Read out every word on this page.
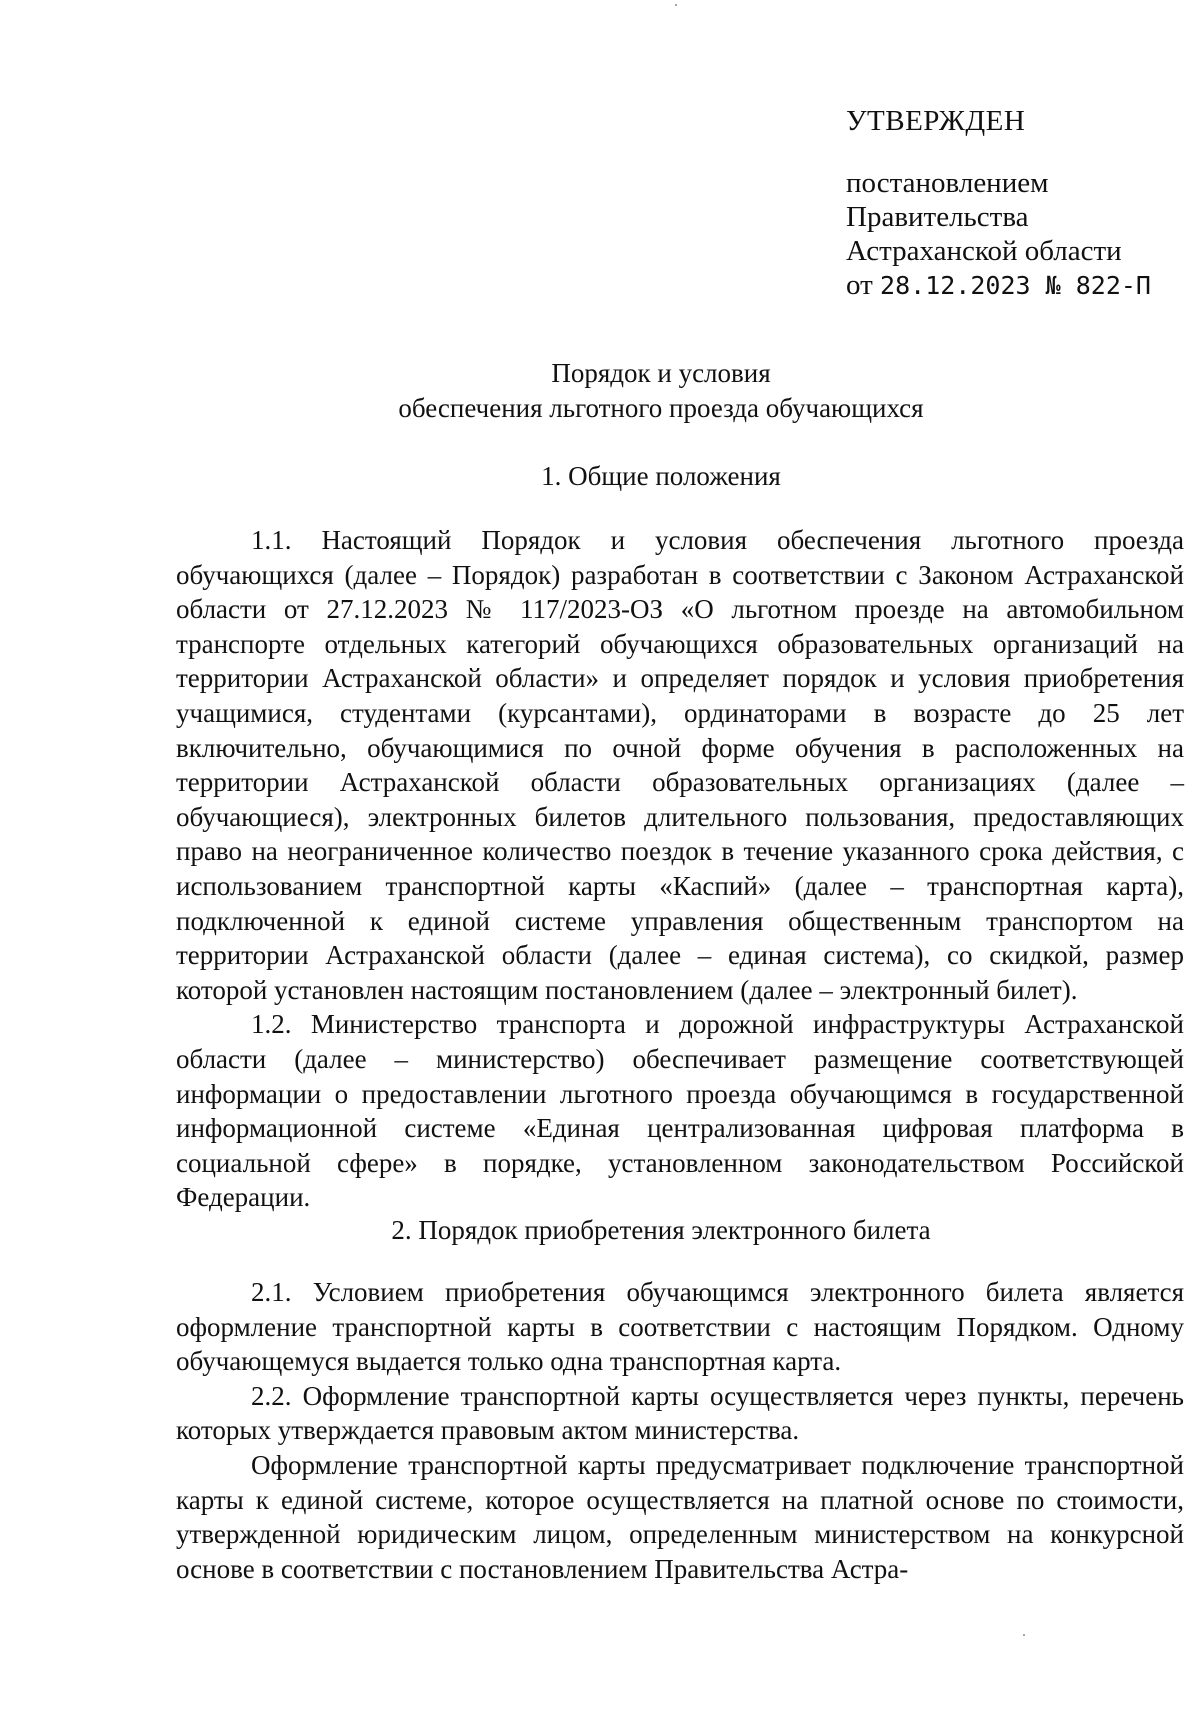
УТВЕРЖДЕН
постановлением
Правительства
Астраханской области
от 28.12.2023 № 822-П
Порядок и условия
обеспечения льготного проезда обучающихся
1. Общие положения

1.1. Настоящий Порядок и условия обеспечения льготного проезда обучающихся (далее – Порядок) разработан в соответствии с Законом Астраханской области от 27.12.2023 № 117/2023-ОЗ «О льготном проезде на автомобильном транспорте отдельных категорий обучающихся образовательных организаций на территории Астраханской области» и определяет порядок и условия приобретения учащимися, студентами (курсантами), ординаторами в возрасте до 25 лет включительно, обучающимися по очной форме обучения в расположенных на территории Астраханской области образовательных организациях (далее – обучающиеся), электронных билетов длительного пользования, предоставляющих право на неограниченное количество поездок в течение указанного срока действия, с использованием транспортной карты «Каспий» (далее – транспортная карта), подключенной к единой системе управления общественным транспортом на территории Астраханской области (далее – единая система), со скидкой, размер которой установлен настоящим постановлением (далее – электронный билет).

1.2. Министерство транспорта и дорожной инфраструктуры Астраханской области (далее – министерство) обеспечивает размещение соответствующей информации о предоставлении льготного проезда обучающимся в государственной информационной системе «Единая централизованная цифровая платформа в социальной сфере» в порядке, установленном законодательством Российской Федерации.

2. Порядок приобретения электронного билета

2.1. Условием приобретения обучающимся электронного билета является оформление транспортной карты в соответствии с настоящим Порядком. Одному обучающемуся выдается только одна транспортная карта.

2.2. Оформление транспортной карты осуществляется через пункты, перечень которых утверждается правовым актом министерства.

Оформление транспортной карты предусматривает подключение транспортной карты к единой системе, которое осуществляется на платной основе по стоимости, утвержденной юридическим лицом, определенным министерством на конкурсной основе в соответствии с постановлением Правительства Астра-
